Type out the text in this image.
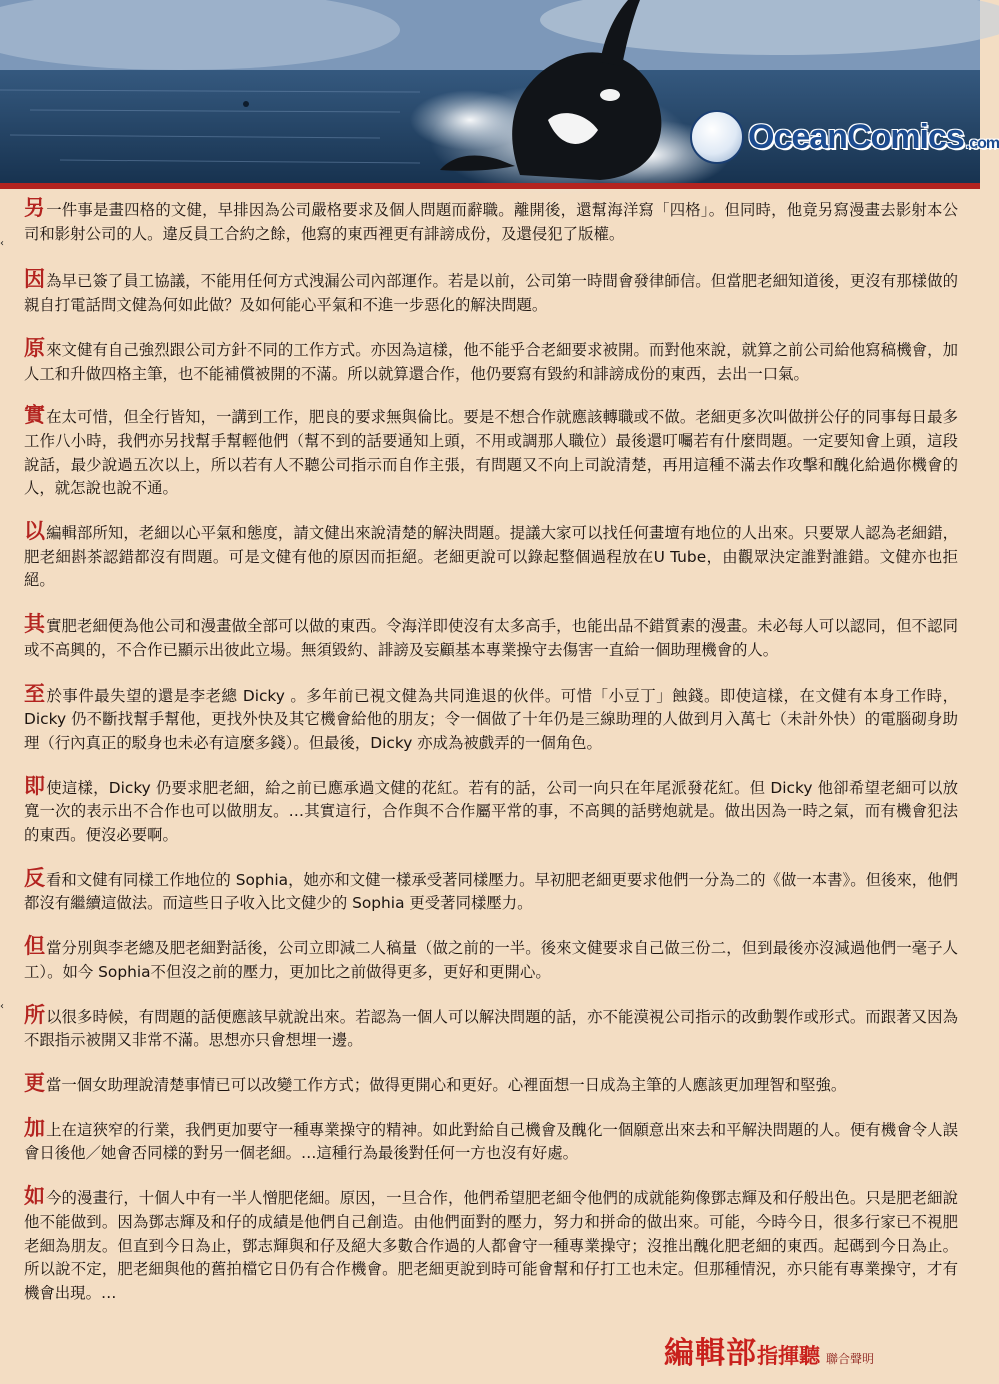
OceanComics .com
‹
‹

另一件事是畫四格的文健，早排因為公司嚴格要求及個人問題而辭職。離開後，還幫海洋寫「四格」。但同時，他竟另寫漫畫去影射本公司和影射公司的人。違反員工合約之餘，他寫的東西裡更有誹謗成份，及還侵犯了版權。

因為早已簽了員工協議，不能用任何方式洩漏公司內部運作。若是以前，公司第一時間會發律師信。但當肥老細知道後，更沒有那樣做的親自打電話問文健為何如此做？及如何能心平氣和不進一步惡化的解決問題。

原來文健有自己強烈跟公司方針不同的工作方式。亦因為這樣，他不能乎合老細要求被開。而對他來說，就算之前公司給他寫稿機會，加人工和升做四格主筆，也不能補償被開的不滿。所以就算還合作，他仍要寫有毀約和誹謗成份的東西，去出一口氣。

實在太可惜，但全行皆知，一講到工作，肥良的要求無與倫比。要是不想合作就應該轉職或不做。老細更多次叫做拼公仔的同事每日最多工作八小時，我們亦另找幫手幫輕他們（幫不到的話要通知上頭，不用或調那人職位）最後還叮囑若有什麼問題。一定要知會上頭，這段說話，最少說過五次以上，所以若有人不聽公司指示而自作主張，有問題又不向上司說清楚，再用這種不滿去作攻擊和醜化給過你機會的人，就怎說也說不通。

以編輯部所知，老細以心平氣和態度，請文健出來說清楚的解決問題。提議大家可以找任何畫壇有地位的人出來。只要眾人認為老細錯，肥老細斟茶認錯都沒有問題。可是文健有他的原因而拒絕。老細更說可以錄起整個過程放在U Tube，由觀眾決定誰對誰錯。文健亦也拒絕。

其實肥老細便為他公司和漫畫做全部可以做的東西。令海洋即使沒有太多高手，也能出品不錯質素的漫畫。未必每人可以認同，但不認同或不高興的，不合作已顯示出彼此立場。無須毀約、誹謗及妄顧基本專業操守去傷害一直給一個助理機會的人。

至於事件最失望的還是李老總 Dicky 。多年前已視文健為共同進退的伙伴。可惜「小豆丁」蝕錢。即使這樣，在文健有本身工作時，Dicky 仍不斷找幫手幫他，更找外快及其它機會給他的朋友；令一個做了十年仍是三線助理的人做到月入萬七（未計外快）的電腦砌身助理（行內真正的駁身也未必有這麼多錢）。但最後，Dicky 亦成為被戲弄的一個角色。

即使這樣，Dicky 仍要求肥老細，給之前已應承過文健的花紅。若有的話，公司一向只在年尾派發花紅。但 Dicky 他卻希望老細可以放寬一次的表示出不合作也可以做朋友。…其實這行，合作與不合作屬平常的事，不高興的話劈炮就是。做出因為一時之氣，而有機會犯法的東西。便沒必要啊。

反看和文健有同樣工作地位的 Sophia，她亦和文健一樣承受著同樣壓力。早初肥老細更要求他們一分為二的《做一本書》。但後來，他們都沒有繼續這做法。而這些日子收入比文健少的 Sophia 更受著同樣壓力。

但當分別與李老總及肥老細對話後，公司立即減二人稿量（做之前的一半。後來文健要求自己做三份二，但到最後亦沒減過他們一毫子人工）。如今 Sophia不但沒之前的壓力，更加比之前做得更多，更好和更開心。

所以很多時候，有問題的話便應該早就說出來。若認為一個人可以解決問題的話，亦不能漠視公司指示的改動製作或形式。而跟著又因為不跟指示被開又非常不滿。思想亦只會想埋一邊。

更當一個女助理說清楚事情已可以改變工作方式；做得更開心和更好。心裡面想一日成為主筆的人應該更加理智和堅強。

加上在這狹窄的行業，我們更加要守一種專業操守的精神。如此對給自己機會及醜化一個願意出來去和平解決問題的人。便有機會令人誤會日後他／她會否同樣的對另一個老細。…這種行為最後對任何一方也沒有好處。

如今的漫畫行，十個人中有一半人憎肥佬細。原因，一旦合作，他們希望肥老細令他們的成就能夠像鄧志輝及和仔般出色。只是肥老細說他不能做到。因為鄧志輝及和仔的成績是他們自己創造。由他們面對的壓力，努力和拼命的做出來。可能，今時今日，很多行家已不視肥老細為朋友。但直到今日為止，鄧志輝與和仔及絕大多數合作過的人都會守一種專業操守；沒推出醜化肥老細的東西。起碼到今日為止。所以說不定，肥老細與他的舊拍檔它日仍有合作機會。肥老細更說到時可能會幫和仔打工也未定。但那種情況，亦只能有專業操守，才有機會出現。…

編輯部 指揮聽 聯合聲明
